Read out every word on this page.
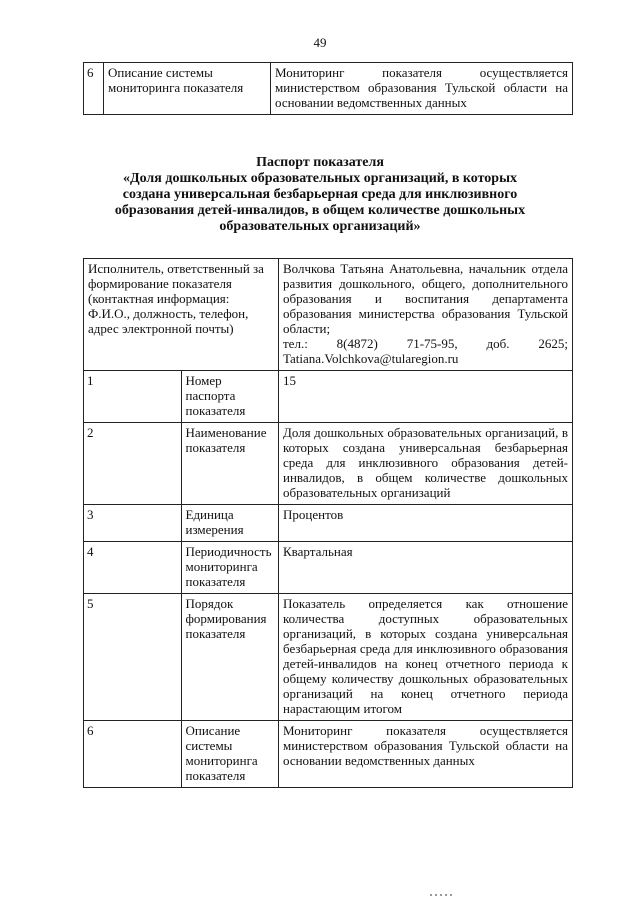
49
6	Описание системы мониторинга показателя	Мониторинг показателя осуществляется министерством образования Тульской области на основании ведомственных данных
Паспорт показателя
«Доля дошкольных образовательных организаций, в которых
создана универсальная безбарьерная среда для инклюзивного
образования детей-инвалидов, в общем количестве дошкольных
образовательных организаций»
Исполнитель, ответственный за формирование показателя (контактная информация: Ф.И.О., должность, телефон, адрес электронной почты)		Волчкова Татьяна Анатольевна, начальник отдела развития дошкольного, общего, дополнительного образования и воспитания департамента образования министерства образования Тульской области;
тел.: 8(4872) 71-75-95, доб. 2625;
Tatiana.Volchkova@tularegion.ru

1	Номер паспорта показателя	15
2	Наименование показателя	Доля дошкольных образовательных организаций, в которых создана универсальная безбарьерная среда для инклюзивного образования детей-инвалидов, в общем количестве дошкольных образовательных организаций
3	Единица измерения	Процентов
4	Периодичность мониторинга показателя	Квартальная
5	Порядок формирования показателя	Показатель определяется как отношение количества доступных образовательных организаций, в которых создана универсальная безбарьерная среда для инклюзивного образования детей-инвалидов на конец отчетного периода к общему количеству дошкольных образовательных организаций на конец отчетного периода нарастающим итогом
6	Описание системы мониторинга показателя	Мониторинг показателя осуществляется министерством образования Тульской области на основании ведомственных данных
